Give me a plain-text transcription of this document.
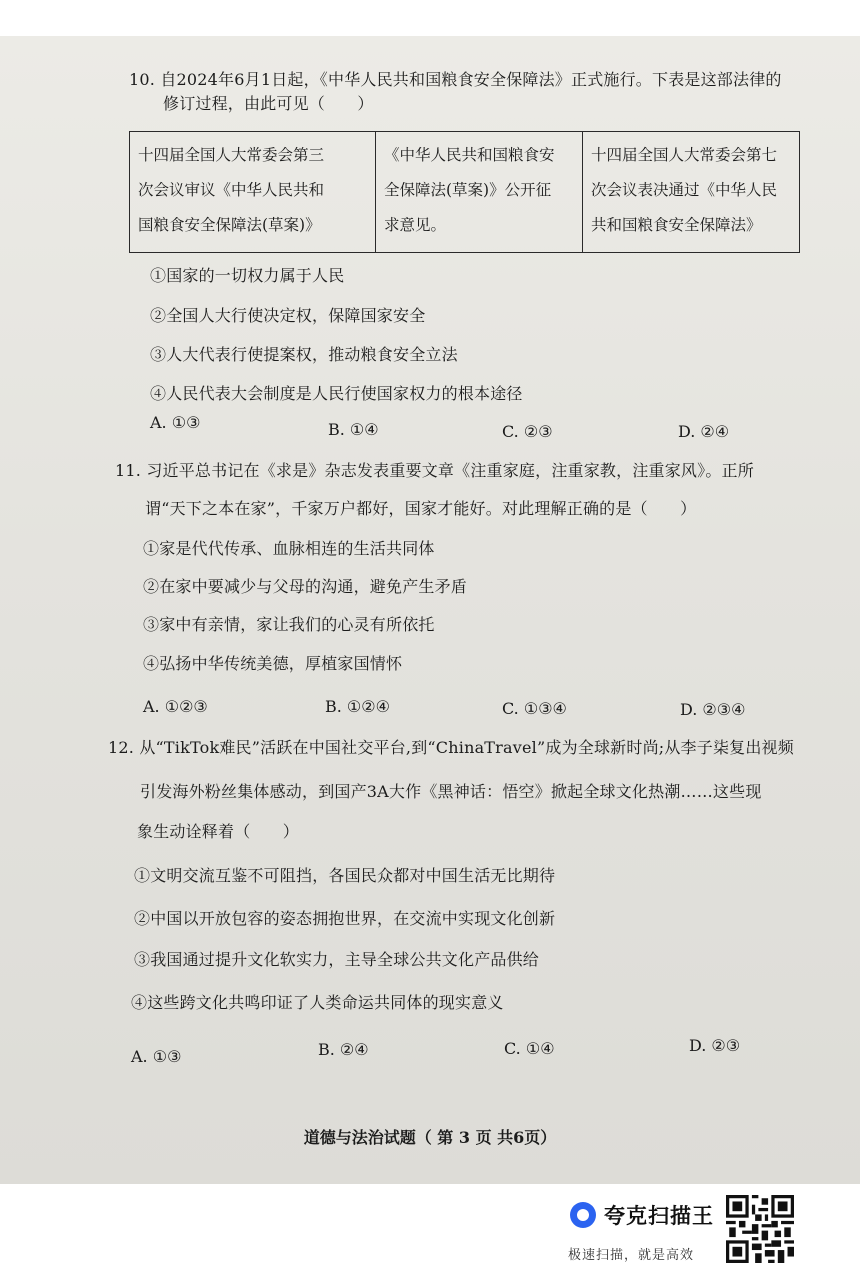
10. 自2024年6月1日起，《中华人民共和国粮食安全保障法》正式施行。下表是这部法律的
修订过程，由此可见（　　）
十四届全国人大常委会第三
次会议审议《中华人民共和
国粮食安全保障法(草案)》

《中华人民共和国粮食安
全保障法(草案)》公开征
求意见。

十四届全国人大常委会第七
次会议表决通过《中华人民
共和国粮食安全保障法》
①国家的一切权力属于人民
②全国人大行使决定权，保障国家安全
③人大代表行使提案权，推动粮食安全立法
④人民代表大会制度是人民行使国家权力的根本途径
A. ①③	B. ①④	C. ②③	D. ②④
11. 习近平总书记在《求是》杂志发表重要文章《注重家庭，注重家教，注重家风》。正所
谓“天下之本在家”，千家万户都好，国家才能好。对此理解正确的是（　　）
①家是代代传承、血脉相连的生活共同体
②在家中要减少与父母的沟通，避免产生矛盾
③家中有亲情，家让我们的心灵有所依托
④弘扬中华传统美德，厚植家国情怀
A. ①②③	B. ①②④	C. ①③④	D. ②③④
12. 从“TikTok难民”活跃在中国社交平台,到“ChinaTravel”成为全球新时尚;从李子柒复出视频
引发海外粉丝集体感动，到国产3A大作《黑神话：悟空》掀起全球文化热潮……这些现
象生动诠释着（　　）
①文明交流互鉴不可阻挡，各国民众都对中国生活无比期待
②中国以开放包容的姿态拥抱世界，在交流中实现文化创新
③我国通过提升文化软实力，主导全球公共文化产品供给
④这些跨文化共鸣印证了人类命运共同体的现实意义
A. ①③	B. ②④	C. ①④	D. ②③
道德与法治试题（ 第 3 页 共6页）
夸克扫描王
极速扫描，就是高效
